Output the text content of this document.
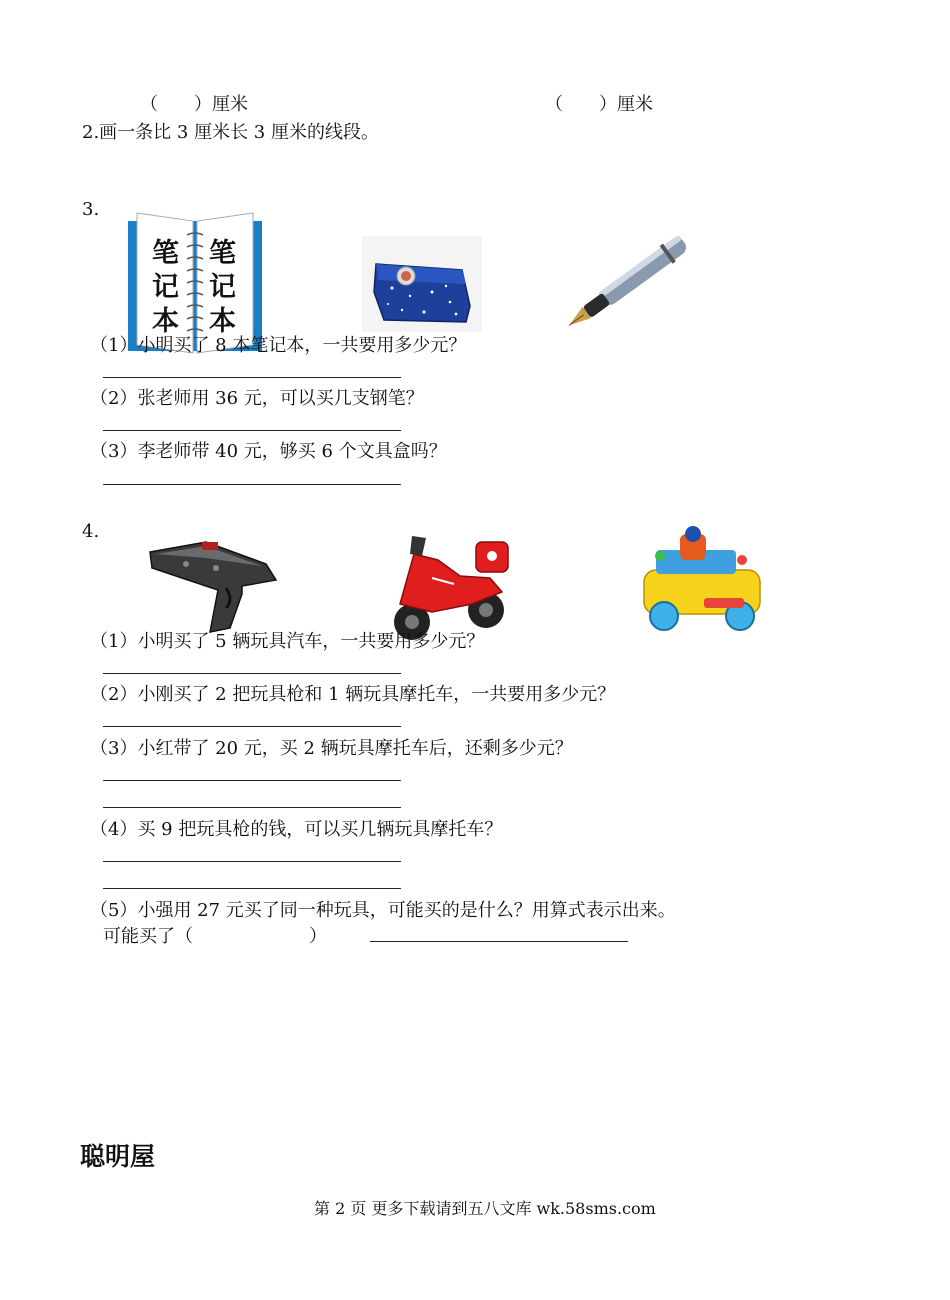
（　　）厘米	（　　）厘米
2.画一条比 3 厘米长 3 厘米的线段。
3.
笔
记
本
笔
记
本
（1）小明买了 8 本笔记本，一共要用多少元？
（2）张老师用 36 元，可以买几支钢笔？
（3）李老师带 40 元，够买 6 个文具盒吗？
4.
（1）小明买了 5 辆玩具汽车，一共要用多少元？
（2）小刚买了 2 把玩具枪和 1 辆玩具摩托车，一共要用多少元？
（3）小红带了 20 元，买 2 辆玩具摩托车后，还剩多少元？
（4）买 9 把玩具枪的钱，可以买几辆玩具摩托车？
（5）小强用 27 元买了同一种玩具，可能买的是什么？用算式表示出来。
可能买了（	）
聪明屋
第 2 页 更多下载请到五八文库 wk.58sms.com
